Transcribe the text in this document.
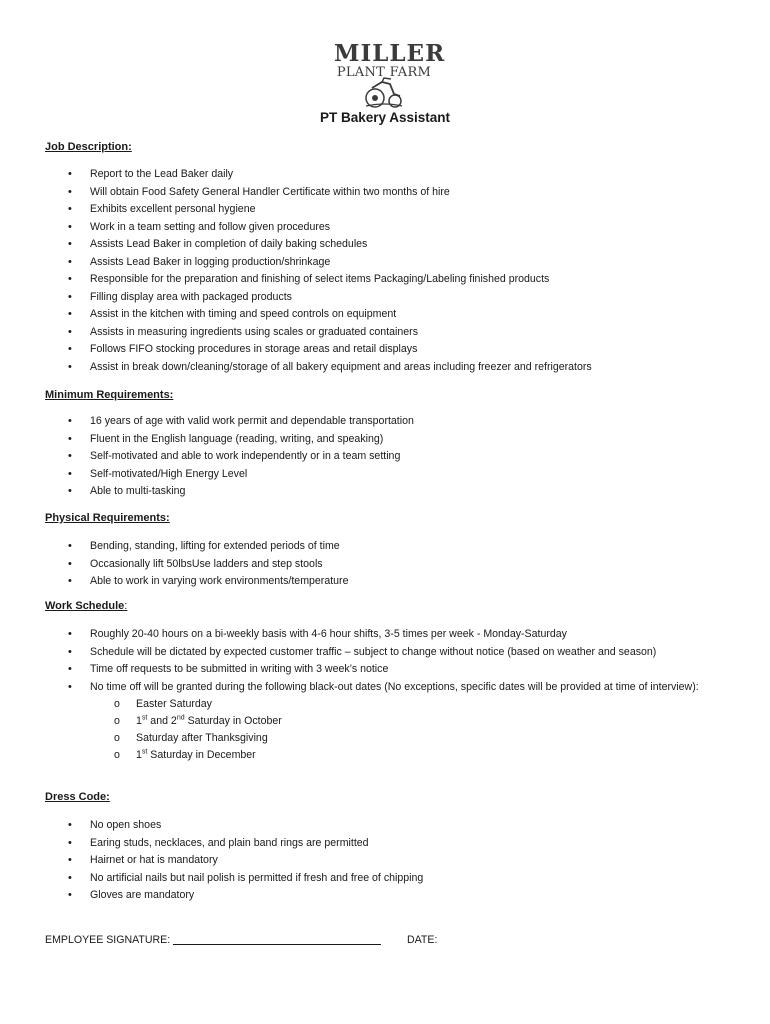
MILLER
PLANT FARM
PT Bakery Assistant
Job Description:
• Report to the Lead Baker daily
• Will obtain Food Safety General Handler Certificate within two months of hire
• Exhibits excellent personal hygiene
• Work in a team setting and follow given procedures
• Assists Lead Baker in completion of daily baking schedules
• Assists Lead Baker in logging production/shrinkage
• Responsible for the preparation and finishing of select items Packaging/Labeling finished products
• Filling display area with packaged products
• Assist in the kitchen with timing and speed controls on equipment
• Assists in measuring ingredients using scales or graduated containers
• Follows FIFO stocking procedures in storage areas and retail displays
• Assist in break down/cleaning/storage of all bakery equipment and areas including freezer and refrigerators
Minimum Requirements:
• 16 years of age with valid work permit and dependable transportation
• Fluent in the English language (reading, writing, and speaking)
• Self-motivated and able to work independently or in a team setting
• Self-motivated/High Energy Level
• Able to multi-tasking
Physical Requirements:
• Bending, standing, lifting for extended periods of time
• Occasionally lift 50lbsUse ladders and step stools
• Able to work in varying work environments/temperature
Work Schedule:
• Roughly 20-40 hours on a bi-weekly basis with 4-6 hour shifts, 3-5 times per week - Monday-Saturday
• Schedule will be dictated by expected customer traffic – subject to change without notice (based on weather and season)
• Time off requests to be submitted in writing with 3 week’s notice
• No time off will be granted during the following black-out dates (No exceptions, specific dates will be provided at time of interview):
o Easter Saturday
o 1st and 2nd Saturday in October
o Saturday after Thanksgiving
o 1st Saturday in December
Dress Code:
• No open shoes
• Earing studs, necklaces, and plain band rings are permitted
• Hairnet or hat is mandatory
• No artificial nails but nail polish is permitted if fresh and free of chipping
• Gloves are mandatory
EMPLOYEE SIGNATURE:	DATE:
